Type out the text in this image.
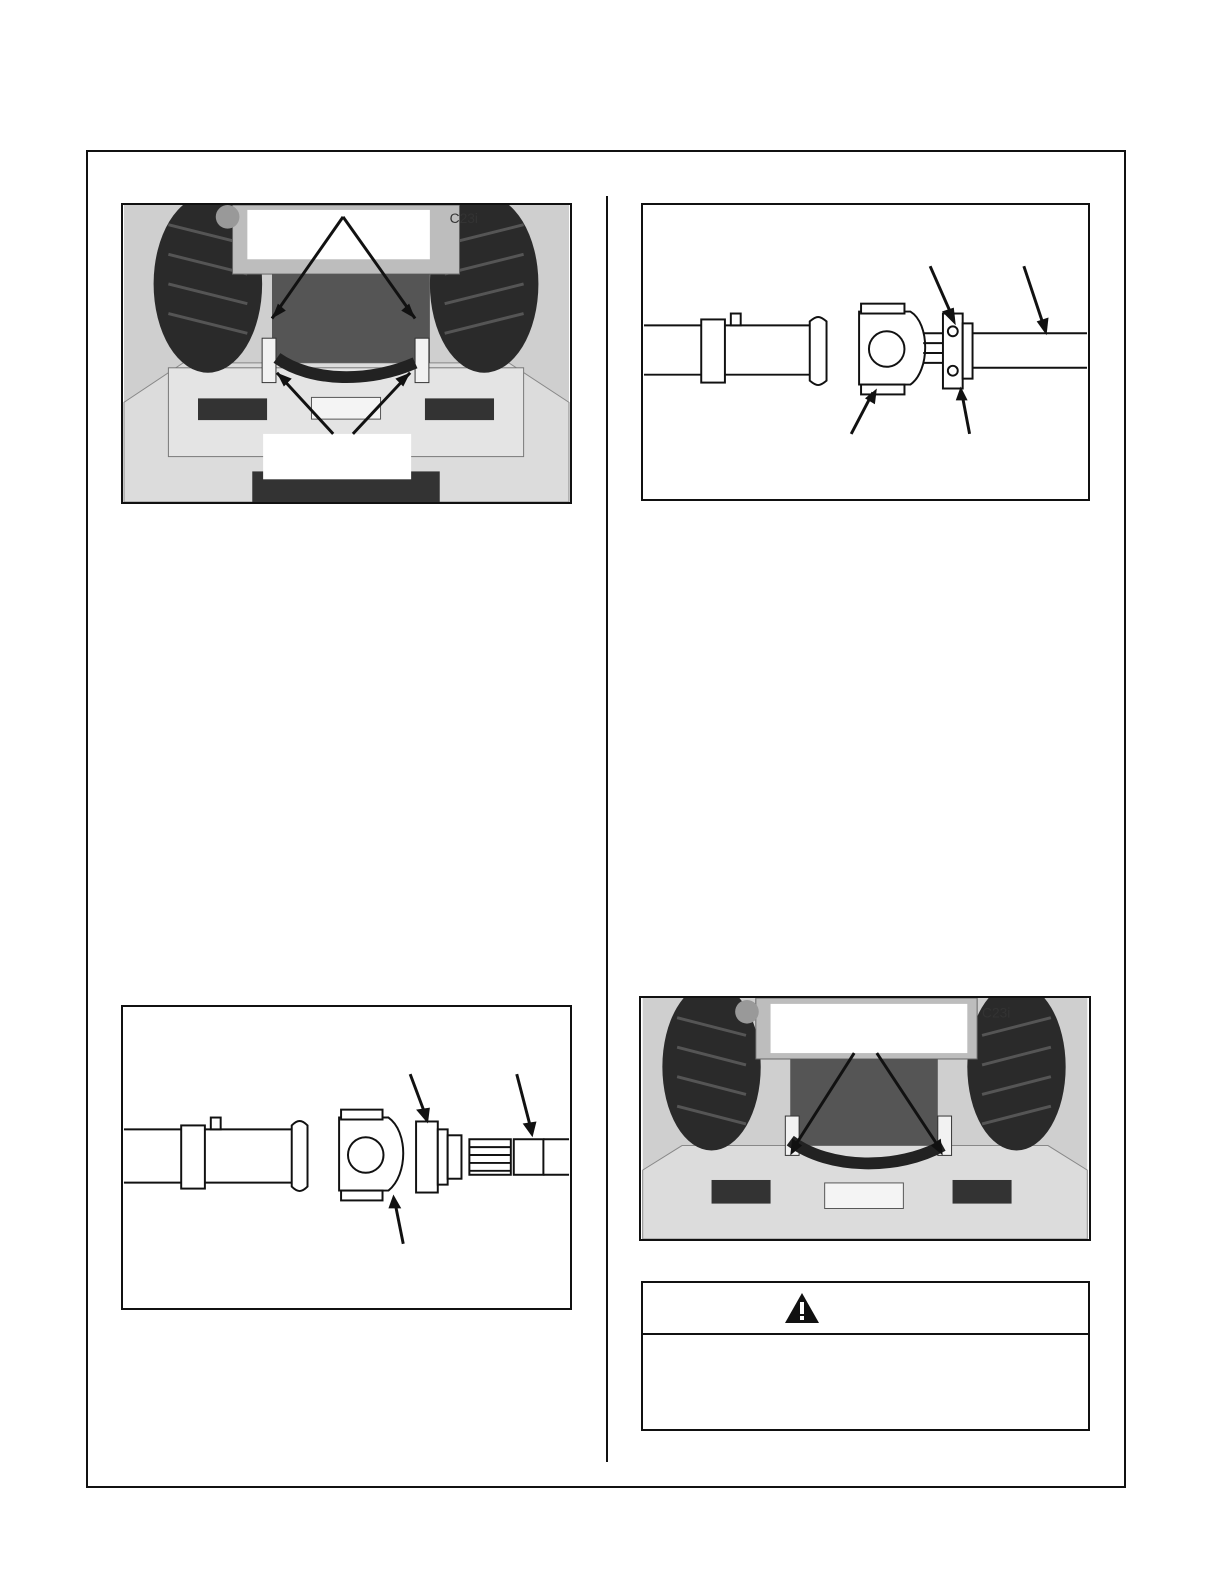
C23i
C23i
